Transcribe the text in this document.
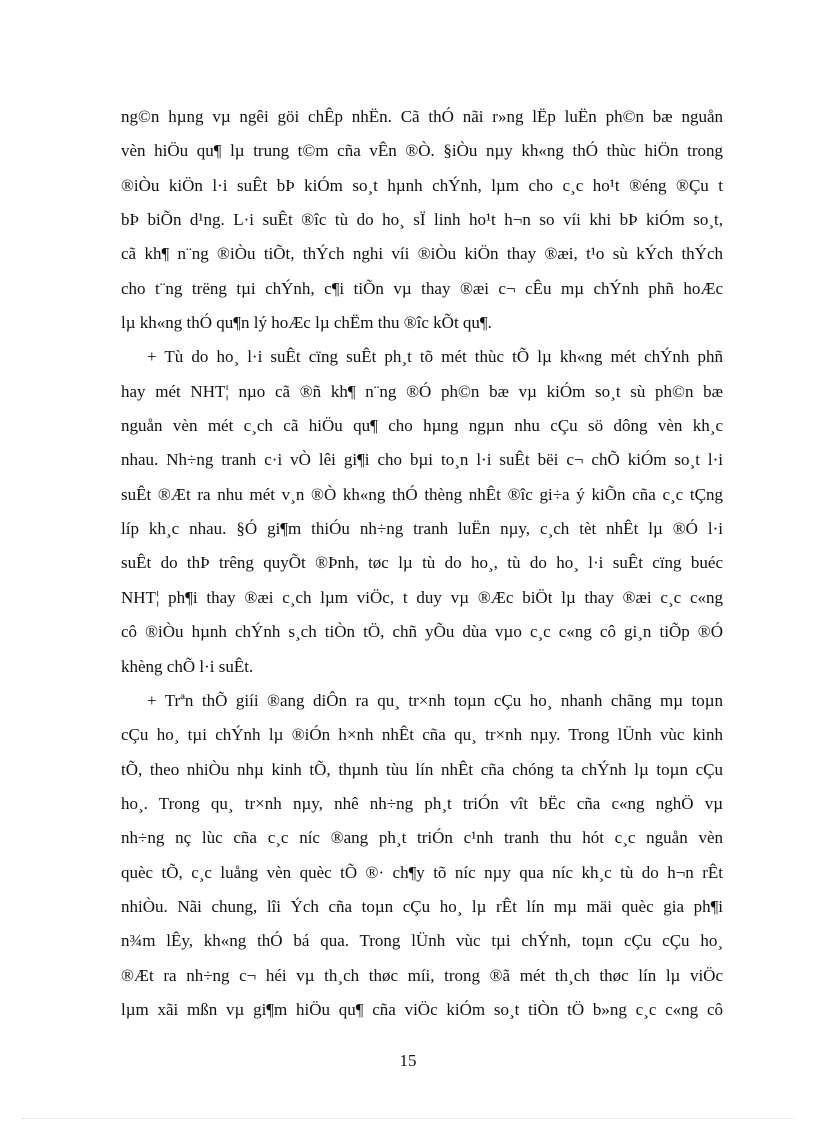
ng©n hµng vµ ngêi göi chÊp nhËn. Cã thÓ nãi r»ng lËp luËn ph©n bæ nguån
vèn hiÖu qu¶ lµ trung t©m cña vÊn ®Ò. §iÒu nµy kh«ng thÓ thùc hiÖn trong
®iÒu kiÖn l·i suÊt bÞ kiÓm so¸t hµnh chÝnh, lµm cho c¸c ho¹t ®éng ®Çu t
bÞ biÕn d¹ng. L·i suÊt ®îc tù do ho¸ sÏ linh ho¹t h¬n so víi khi bÞ kiÓm so¸t,
cã kh¶ n¨ng ®iÒu tiÕt, thÝch nghi víi ®iÒu kiÖn thay ®æi, t¹o sù kÝch thÝch
cho t¨ng trëng tµi chÝnh, c¶i tiÕn vµ thay ®æi c¬ cÊu mµ chÝnh phñ hoÆc
lµ kh«ng thÓ qu¶n lý hoÆc lµ chËm thu ®îc kÕt qu¶.
+ Tù do ho¸ l·i suÊt cïng suÊt ph¸t tõ mét thùc tÕ lµ kh«ng mét chÝnh phñ
hay mét NHT¦ nµo cã ®ñ kh¶ n¨ng ®Ó ph©n bæ vµ kiÓm so¸t sù ph©n bæ
nguån vèn mét c¸ch cã hiÖu qu¶ cho hµng ngµn nhu cÇu sö dông vèn kh¸c
nhau. Nh÷ng tranh c·i vÒ lêi gi¶i cho bµi to¸n l·i suÊt bëi c¬ chÕ kiÓm so¸t l·i
suÊt ®Æt ra nhu mét v¸n ®Ò kh«ng thÓ thèng nhÊt ®îc gi÷a ý kiÕn cña c¸c tÇng
líp kh¸c nhau. §Ó gi¶m thiÓu nh÷ng tranh luËn nµy, c¸ch tèt nhÊt lµ ®Ó l·i
suÊt do thÞ trêng quyÕt ®Þnh, tøc lµ tù do ho¸, tù do ho¸ l·i suÊt cïng buéc
NHT¦ ph¶i thay ®æi c¸ch lµm viÖc, t duy vµ ®Æc biÖt lµ thay ®æi c¸c c«ng
cô ®iÒu hµnh chÝnh s¸ch tiÒn tÖ, chñ yÕu dùa vµo c¸c c«ng cô gi¸n tiÕp ®Ó
khèng chÕ l·i suÊt.
+ Trªn thÕ giíi ®ang diÔn ra qu¸ tr×nh toµn cÇu ho¸ nhanh chãng mµ toµn
cÇu ho¸ tµi chÝnh lµ ®iÓn h×nh nhÊt cña qu¸ tr×nh nµy. Trong lÜnh vùc kinh
tÕ, theo nhiÒu nhµ kinh tÕ, thµnh tùu lín nhÊt cña chóng ta chÝnh lµ toµn cÇu
ho¸. Trong qu¸ tr×nh nµy, nhê nh÷ng ph¸t triÓn vît bËc cña c«ng nghÖ vµ
nh÷ng nç lùc cña c¸c níc ®ang ph¸t triÓn c¹nh tranh thu hót c¸c nguån vèn
quèc tÕ, c¸c luång vèn quèc tÕ ®· ch¶y tõ níc nµy qua níc kh¸c tù do h¬n rÊt
nhiÒu. Nãi chung, lîi Ých cña toµn cÇu ho¸ lµ rÊt lín mµ mäi quèc gia ph¶i
n¾m lÊy, kh«ng thÓ bá qua. Trong lÜnh vùc tµi chÝnh, toµn cÇu cÇu ho¸
®Æt ra nh÷ng c¬ héi vµ th¸ch thøc míi, trong ®ã mét th¸ch thøc lín lµ viÖc
lµm xãi mßn vµ gi¶m hiÖu qu¶ cña viÖc kiÓm so¸t tiÒn tÖ b»ng c¸c c«ng cô
15
